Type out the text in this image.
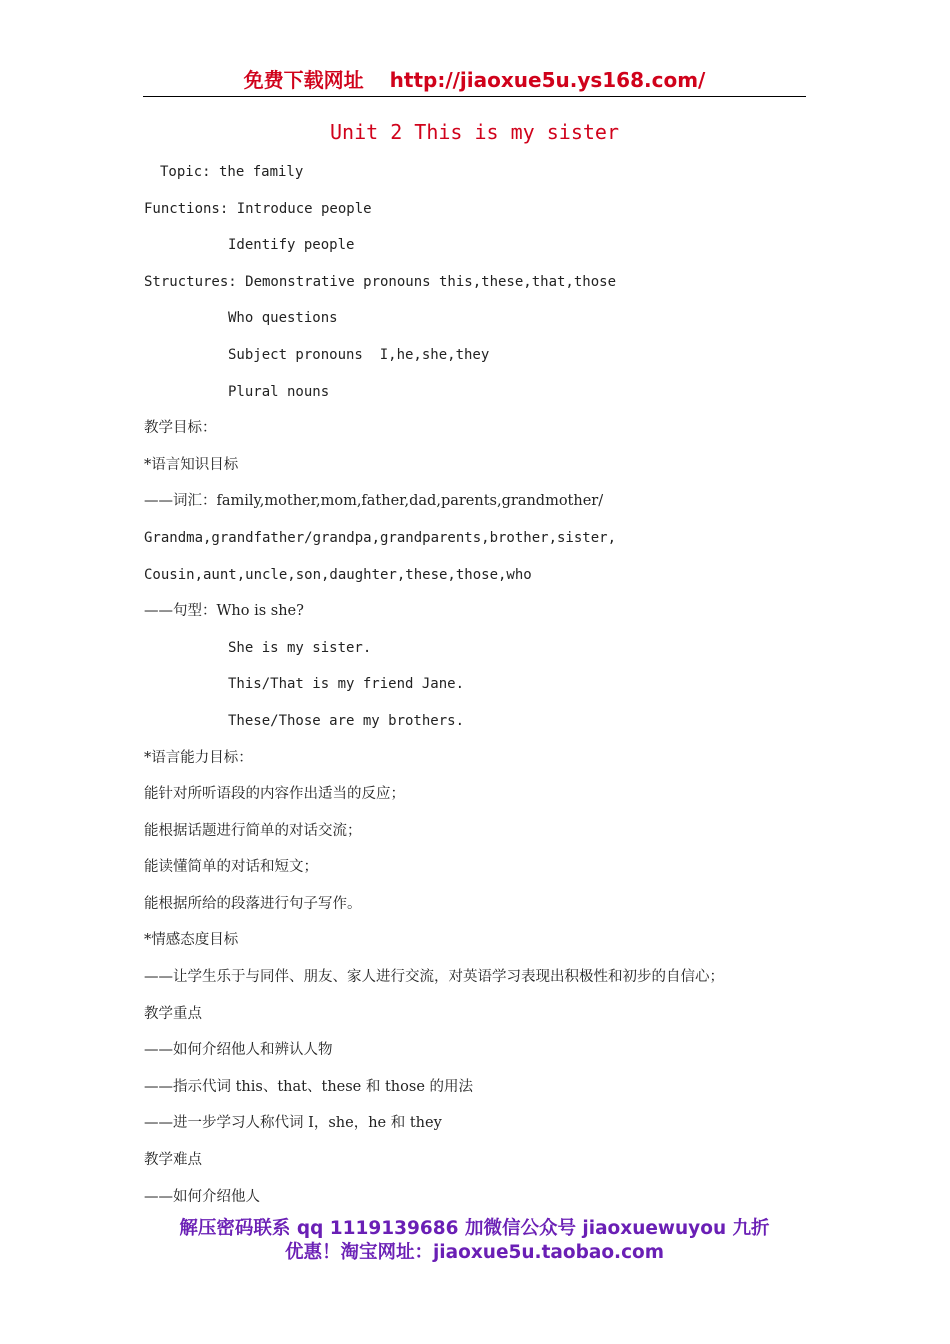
免费下载网址 http://jiaoxue5u.ys168.com/
Unit 2 This is my sister
Topic: the family
Functions: Introduce people
Identify people
Structures: Demonstrative pronouns this,these,that,those
Who questions
Subject pronouns  I,he,she,they
Plural nouns
教学目标：
*语言知识目标
——词汇：family,mother,mom,father,dad,parents,grandmother/
Grandma,grandfather/grandpa,grandparents,brother,sister,
Cousin,aunt,uncle,son,daughter,these,those,who
——句型：Who is she?
She is my sister.
This/That is my friend Jane.
These/Those are my brothers.
*语言能力目标：
能针对所听语段的内容作出适当的反应；
能根据话题进行简单的对话交流；
能读懂简单的对话和短文；
能根据所给的段落进行句子写作。
*情感态度目标
——让学生乐于与同伴、朋友、家人进行交流，对英语学习表现出积极性和初步的自信心；
教学重点
——如何介绍他人和辨认人物
——指示代词 this、that、these 和 those 的用法
——进一步学习人称代词 I，she，he 和 they
教学难点
——如何介绍他人
解压密码联系 qq 1119139686 加微信公众号 jiaoxuewuyou 九折
优惠！淘宝网址：jiaoxue5u.taobao.com
